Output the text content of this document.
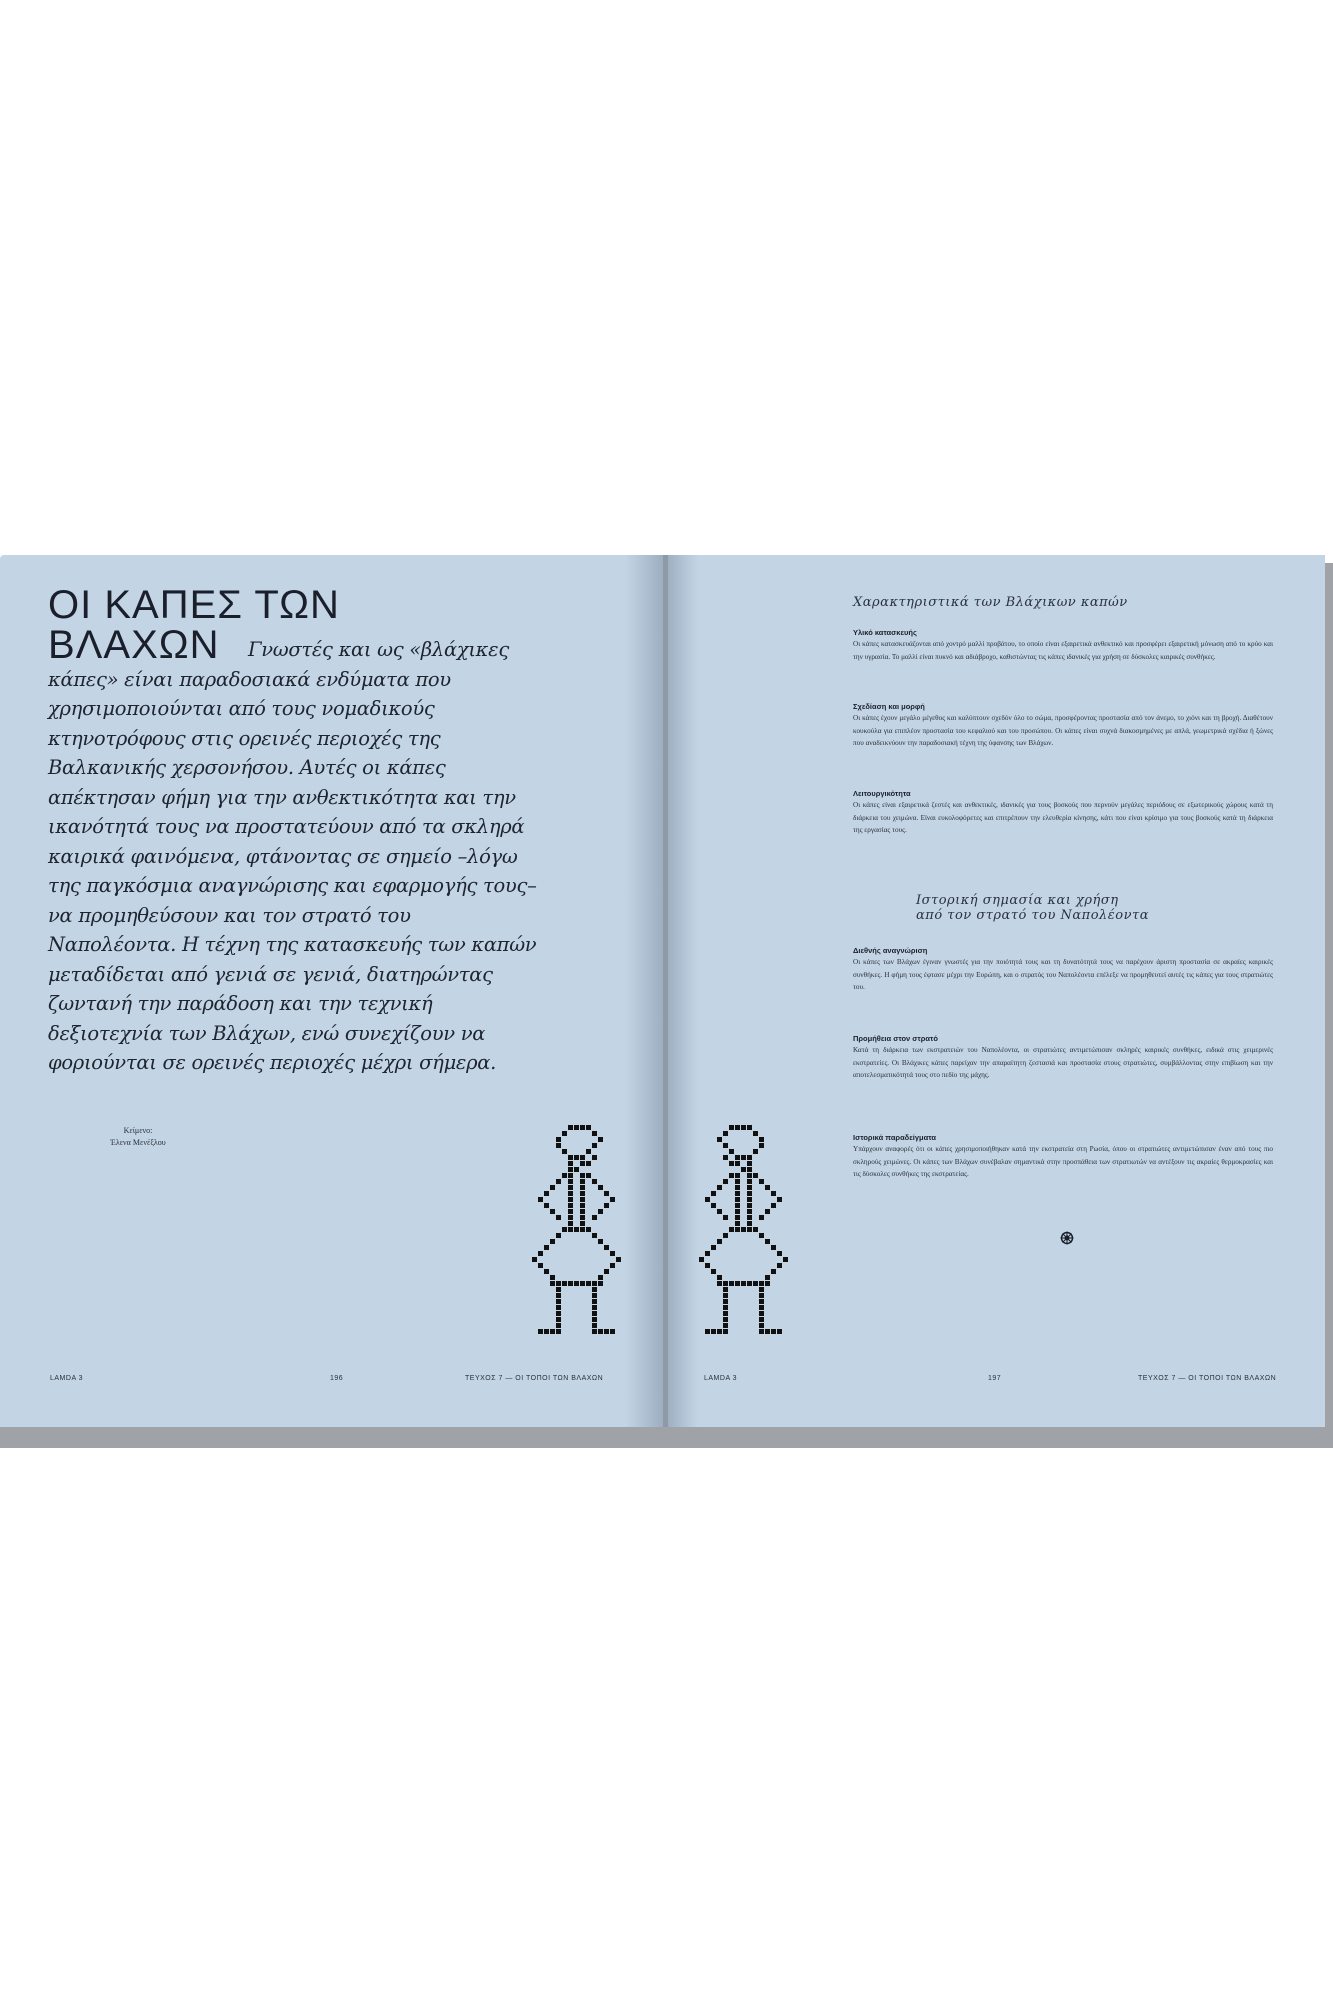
ΟΙ ΚΑΠΕΣ ΤΩΝ
ΒΛΑΧΩΝ	Γνωστές και ως «βλάχικες κάπες» είναι παραδοσιακά ενδύματα που χρησιμοποιούνται από τους νομαδικούς κτηνοτρόφους στις ορεινές περιοχές της Βαλκανικής χερσονήσου. Αυτές οι κάπες απέκτησαν φήμη για την ανθεκτικότητα και την ικανότητά τους να προστατεύουν από τα σκληρά καιρικά φαινόμενα, φτάνοντας σε σημείο –λόγω της παγκόσμια αναγνώρισης και εφαρμογής τους– να προμηθεύσουν και τον στρατό του Ναπολέοντα. Η τέχνη της κατασκευής των καπών μεταδίδεται από γενιά σε γενιά, διατηρώντας ζωντανή την παράδοση και την τεχνική δεξιοτεχνία των Βλάχων, ενώ συνεχίζουν να φοριούνται σε ορεινές περιοχές μέχρι σήμερα.

Κείμενο:
Έλενα Μενέξλου
LAMDA 3	196	ΤΕΥΧΟΣ 7 — ΟΙ ΤΟΠΟΙ ΤΩΝ ΒΛΑΧΩΝ
Χαρακτηριστικά των Βλάχικων καπών

Υλικό κατασκευής

Οι κάπες κατασκευάζονται από χοντρό μαλλί προβάτου, το οποίο είναι εξαιρετικά ανθεκτικό και προσφέρει εξαιρετική μόνωση από το κρύο και την υγρασία. Το μαλλί είναι πυκνό και αδιάβροχο, καθιστώντας τις κάπες ιδανικές για χρήση σε δύσκολες καιρικές συνθήκες.

Σχεδίαση και μορφή

Οι κάπες έχουν μεγάλο μέγεθος και καλύπτουν σχεδόν όλο το σώμα, προσφέροντας προστασία από τον άνεμο, το χιόνι και τη βροχή. Διαθέτουν κουκούλα για επιπλέον προστασία του κεφαλιού και του προσώπου. Οι κάπες είναι συχνά διακοσμημένες με απλά, γεωμετρικά σχέδια ή ξώνες που αναδεικνύουν την παραδοσιακή τέχνη της ύφανσης των Βλάχων.

Λειτουργικότητα

Οι κάπες είναι εξαιρετικά ζεστές και ανθεκτικές, ιδανικές για τους βοσκούς που περνούν μεγάλες περιόδους σε εξωτερικούς χώρους κατά τη διάρκεια του χειμώνα. Είναι ευκολοφόρετες και επιτρέπουν την ελευθερία κίνησης, κάτι που είναι κρίσιμο για τους βοσκούς κατά τη διάρκεια της εργασίας τους.

Ιστορική σημασία και χρήση
από τον στρατό του Ναπολέοντα

Διεθνής αναγνώριση

Οι κάπες των Βλάχων έγιναν γνωστές για την ποιότητά τους και τη δυνατότητά τους να παρέχουν άριστη προστασία σε ακραίες καιρικές συνθήκες. Η φήμη τους έφτασε μέχρι την Ευρώπη, και ο στρατός του Ναπολέοντα επέλεξε να προμηθευτεί αυτές τις κάπες για τους στρατιώτες του.

Προμήθεια στον στρατό

Κατά τη διάρκεια των εκστρατειών του Ναπολέοντα, οι στρατιώτες αντιμετώπισαν σκληρές καιρικές συνθήκες, ειδικά στις χειμερινές εκστρατείες. Οι Βλάχικες κάπες παρείχαν την απαραίτητη ζεστασιά και προστασία στους στρατιώτες, συμβάλλοντας στην επιβίωση και την αποτελεσματικότητά τους στο πεδίο της μάχης.

Ιστορικά παραδείγματα

Υπάρχουν αναφορές ότι οι κάπες χρησιμοποιήθηκαν κατά την εκστρατεία στη Ρωσία, όπου οι στρατιώτες αντιμετώπισαν έναν από τους πιο σκληρούς χειμώνες. Οι κάπες των Βλάχων συνέβαλαν σημαντικά στην προσπάθεια των στρατιωτών να αντέξουν τις ακραίες θερμοκρασίες και τις δύσκολες συνθήκες της εκστρατείας.

LAMDA 3	197	ΤΕΥΧΟΣ 7 — ΟΙ ΤΟΠΟΙ ΤΩΝ ΒΛΑΧΩΝ
